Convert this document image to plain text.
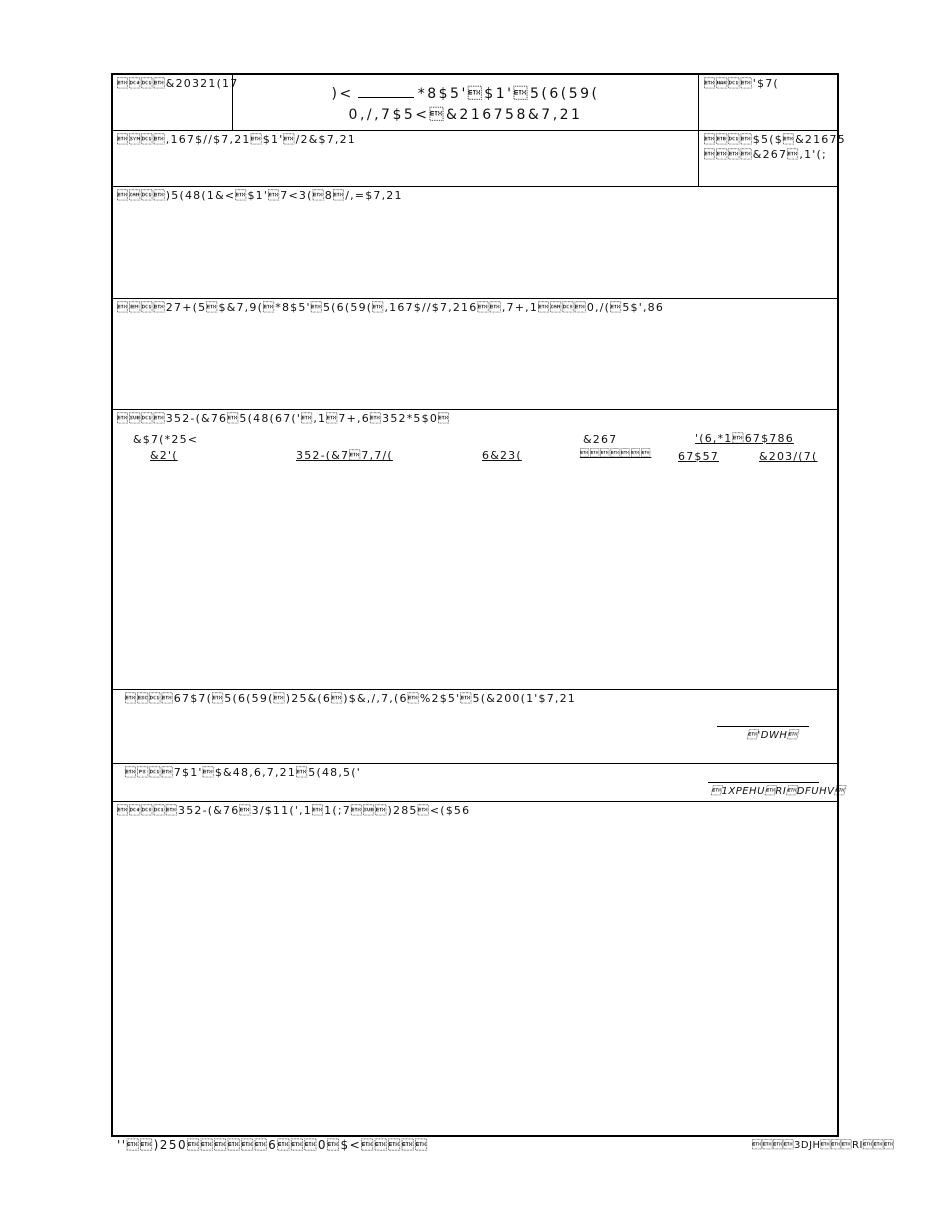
&20321(17
)<	*8$5'$1'5(6(59(
0,/,7$5<&216758&7,21
'$7(
,167$//$7,21$1'/2&$7,21	$5($&21675
&267,1'(;
)5(48(1&<$1'7<3(8/,=$7,21
27+(5$&7,9(*8$5'5(6(59(,167$//$7,216,7+,10,/(5$',86
352-(&765(48(67(',17+,6352*5$0
&$7(*25<
&2'(	352-(&77,7/(	6&23(
&267

'(6,*167$786
67$57	&203/(7(
67$7(5(6(59()25&(6)$&,/,7,(6%2$5'5(&200(1'$7,21
'DWH
7$1'$&48,6,7,215(48,5('
1XPEHURIDFUHV
352-(&763/$11(',11(;7)285<($56
'')25060$<	3DJHRI
